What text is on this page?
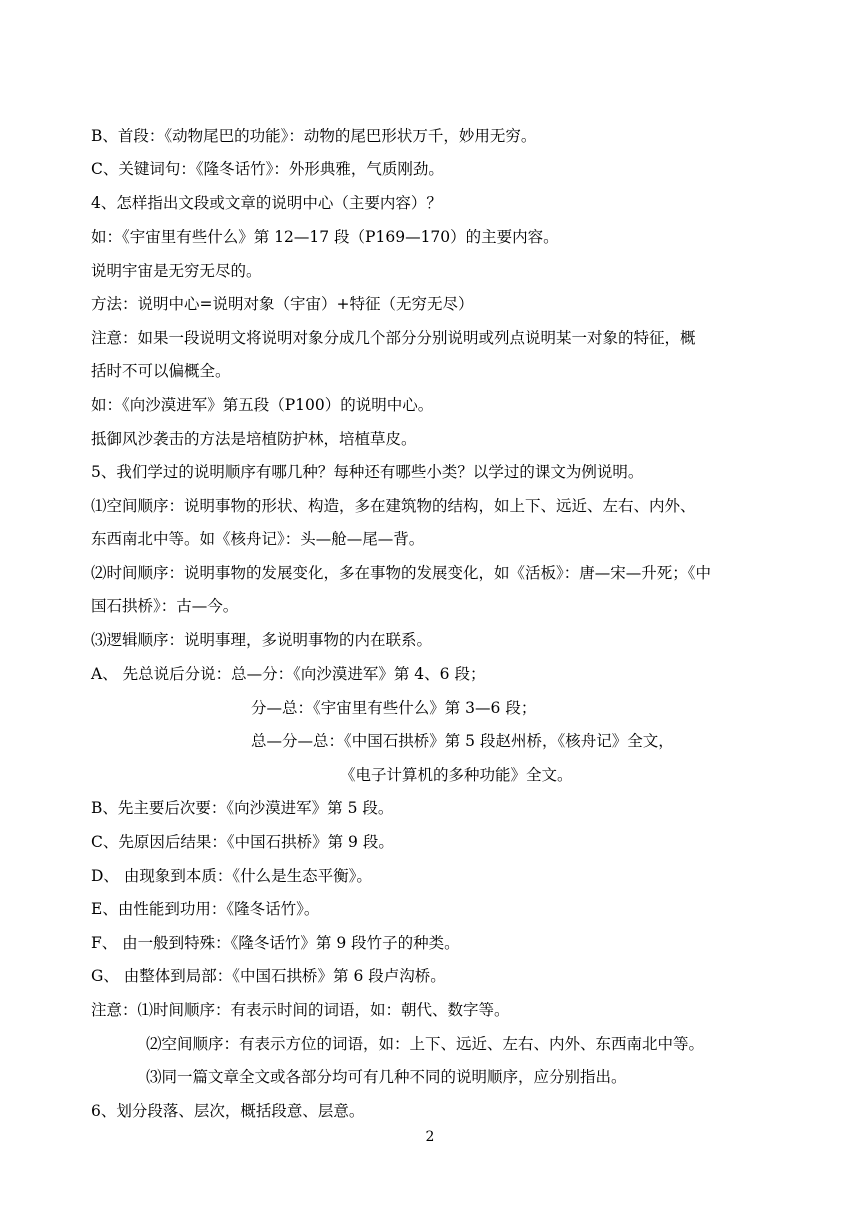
B、首段：《动物尾巴的功能》：动物的尾巴形状万千，妙用无穷。
C、关键词句：《隆冬话竹》：外形典雅，气质刚劲。
4、怎样指出文段或文章的说明中心（主要内容）？
如：《宇宙里有些什么》第 12—17 段（P169—170）的主要内容。
说明宇宙是无穷无尽的。
方法：说明中心=说明对象（宇宙）+特征（无穷无尽）
注意：如果一段说明文将说明对象分成几个部分分别说明或列点说明某一对象的特征，概
括时不可以偏概全。
如：《向沙漠进军》第五段（P100）的说明中心。
抵御风沙袭击的方法是培植防护林，培植草皮。
5、我们学过的说明顺序有哪几种？每种还有哪些小类？以学过的课文为例说明。
⑴空间顺序：说明事物的形状、构造，多在建筑物的结构，如上下、远近、左右、内外、
东西南北中等。如《核舟记》：头—舱—尾—背。
⑵时间顺序：说明事物的发展变化，多在事物的发展变化，如《活板》：唐—宋—升死；《中
国石拱桥》：古—今。
⑶逻辑顺序：说明事理，多说明事物的内在联系。
A、 先总说后分说：总—分：《向沙漠进军》第 4、6 段；
分—总：《宇宙里有些什么》第 3—6 段；
总—分—总：《中国石拱桥》第 5 段赵州桥，《核舟记》全文，
《电子计算机的多种功能》全文。
B、先主要后次要：《向沙漠进军》第 5 段。
C、先原因后结果：《中国石拱桥》第 9 段。
D、 由现象到本质：《什么是生态平衡》。
E、由性能到功用：《隆冬话竹》。
F、 由一般到特殊：《隆冬话竹》第 9 段竹子的种类。
G、 由整体到局部：《中国石拱桥》第 6 段卢沟桥。
注意：⑴时间顺序：有表示时间的词语，如：朝代、数字等。
⑵空间顺序：有表示方位的词语，如：上下、远近、左右、内外、东西南北中等。
⑶同一篇文章全文或各部分均可有几种不同的说明顺序，应分别指出。
6、划分段落、层次，概括段意、层意。
2
